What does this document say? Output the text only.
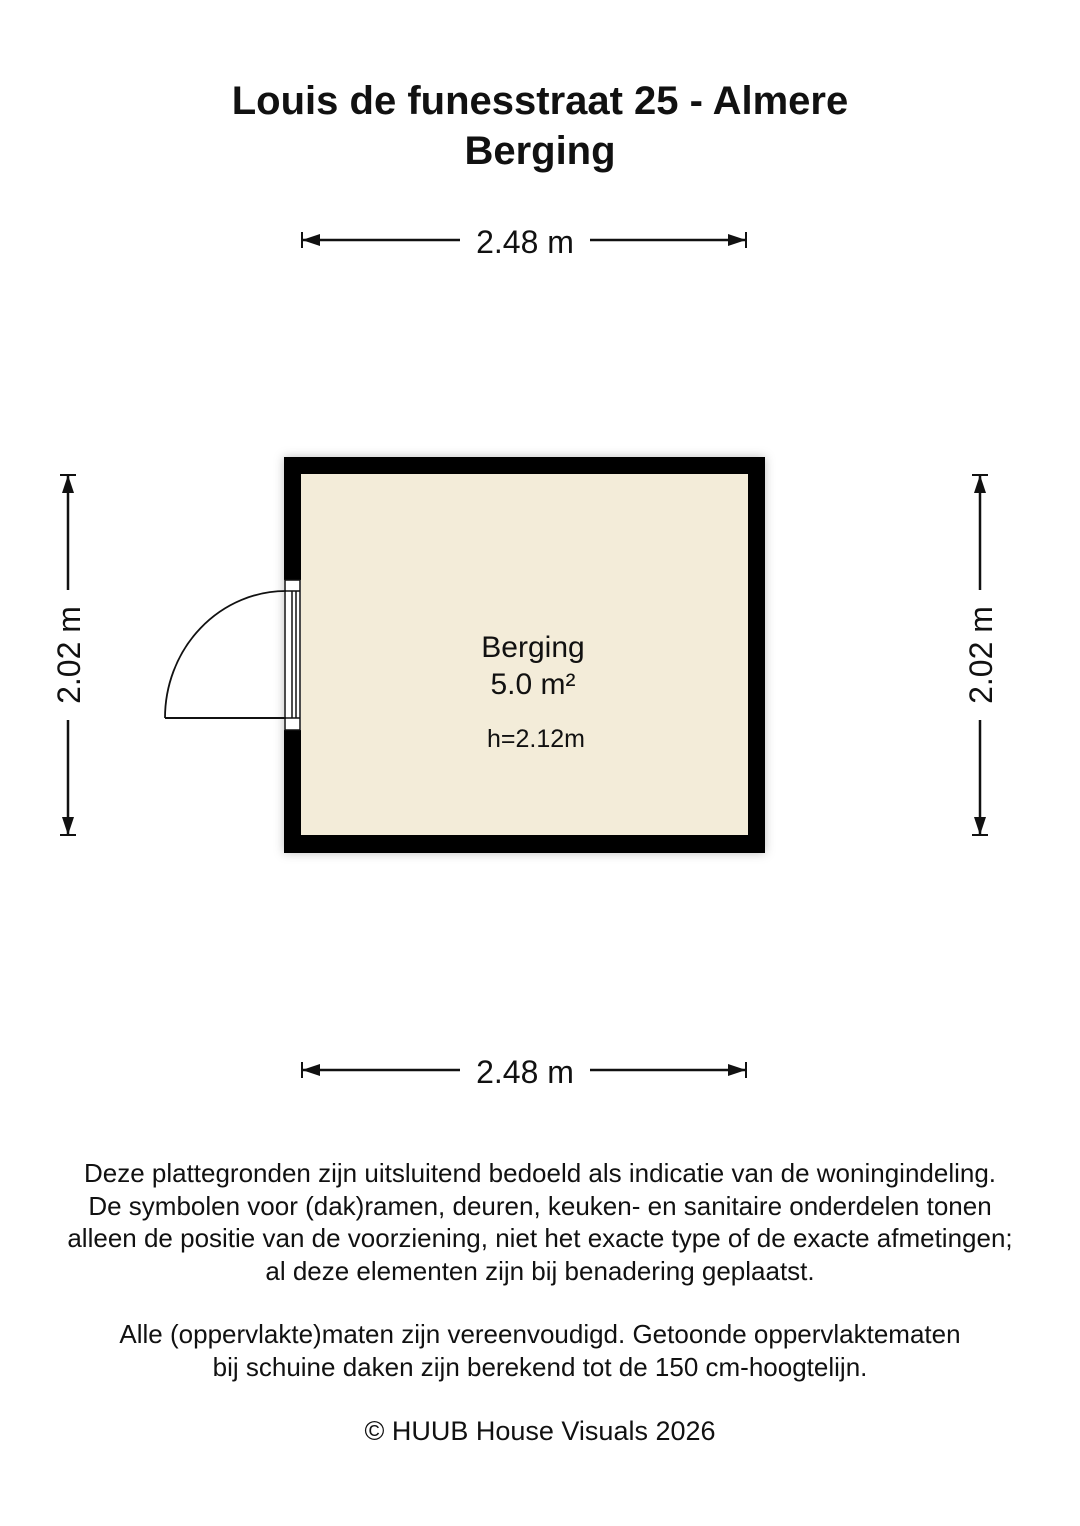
Louis de funesstraat 25 - Almere
Berging
2.48 m
2.48 m
2.02 m	2.02 m
Berging
5.0 m²
h=2.12m
Deze plattegronden zijn uitsluitend bedoeld als indicatie van de woningindeling.
De symbolen voor (dak)ramen, deuren, keuken- en sanitaire onderdelen tonen
alleen de positie van de voorziening, niet het exacte type of de exacte afmetingen;
al deze elementen zijn bij benadering geplaatst.
Alle (oppervlakte)maten zijn vereenvoudigd. Getoonde oppervlaktematen
bij schuine daken zijn berekend tot de 150 cm-hoogtelijn.
© HUUB House Visuals 2026
